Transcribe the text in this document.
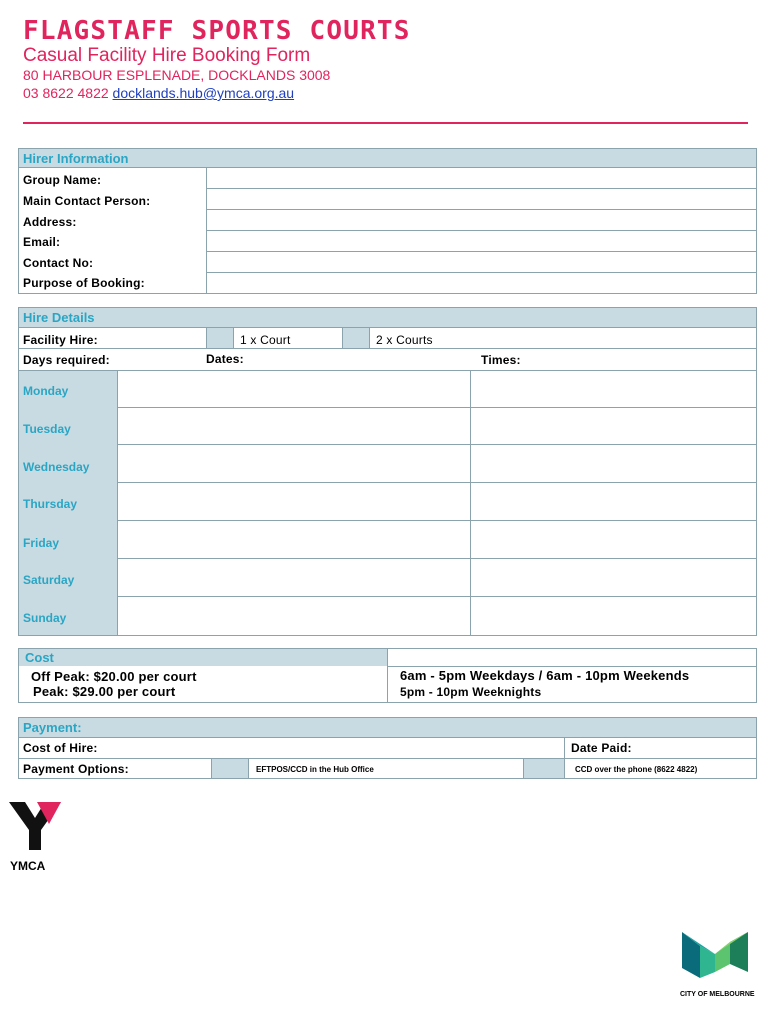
FLAGSTAFF SPORTS COURTS
Casual Facility Hire Booking Form
80 HARBOUR ESPLENADE, DOCKLANDS 3008
03 8622 4822 docklands.hub@ymca.org.au
Hirer Information
Group Name:
Main Contact Person:
Address:
Email:
Contact No:
Purpose of Booking:
Hire Details
Facility Hire:	1 x Court	2 x Courts
Days required:	Dates:	Times:
Monday
Tuesday
Wednesday
Thursday
Friday
Saturday
Sunday
Cost
Off Peak: $20.00 per court
Peak: $29.00 per court
6am - 5pm Weekdays / 6am - 10pm Weekends
5pm - 10pm Weeknights
Payment:
Cost of Hire:	Date Paid:
Payment Options:	EFTPOS/CCD in the Hub Office	CCD over the phone (8622 4822)
YMCA
CITY OF MELBOURNE
